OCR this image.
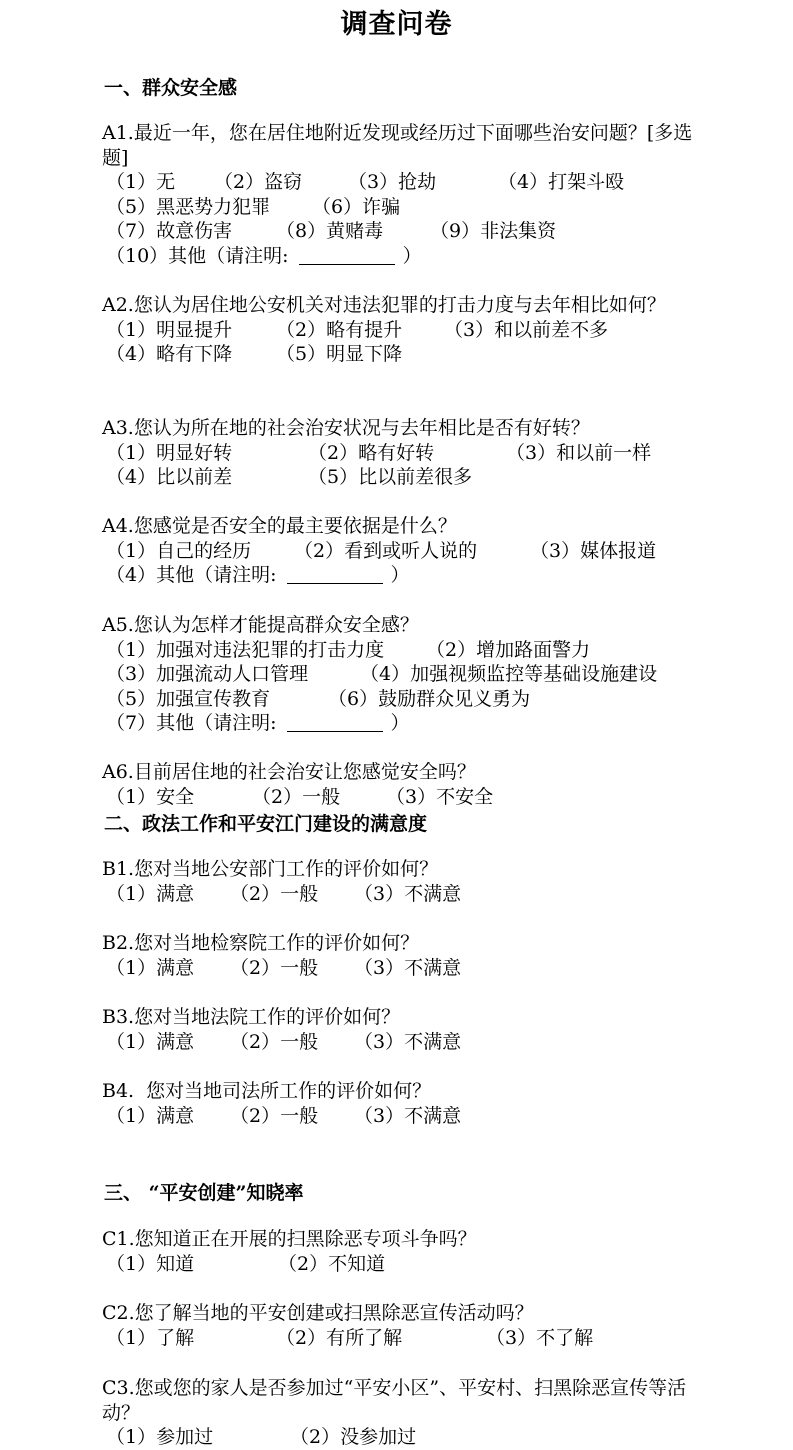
调查问卷
一、群众安全感
A1.最近一年，您在居住地附近发现或经历过下面哪些治安问题？[多选题]
（1）无 （2）盗窃 （3）抢劫	（4）打架斗殴
（5）黑恶势力犯罪 （6）诈骗
（7）故意伤害 （8）黄赌毒 （9）非法集资
（10）其他（请注明:	）
A2.您认为居住地公安机关对违法犯罪的打击力度与去年相比如何？
（1）明显提升 （2）略有提升 （3）和以前差不多
（4）略有下降 （5）明显下降
A3.您认为所在地的社会治安状况与去年相比是否有好转？
（1）明显好转	（2）略有好转	（3）和以前一样
（4）比以前差	（5）比以前差很多
A4.您感觉是否安全的最主要依据是什么？
（1）自己的经历 （2）看到或听人说的	（3）媒体报道
（4）其他（请注明:	）
A5.您认为怎样才能提高群众安全感？
（1）加强对违法犯罪的打击力度 （2）增加路面警力
（3）加强流动人口管理	（4）加强视频监控等基础设施建设
（5）加强宣传教育	（6）鼓励群众见义勇为
（7）其他（请注明:	）
A6.目前居住地的社会治安让您感觉安全吗？
（1）安全	（2）一般 （3）不安全
二、政法工作和平安江门建设的满意度
B1.您对当地公安部门工作的评价如何？
（1）满意 （2）一般 （3）不满意
B2.您对当地检察院工作的评价如何？
（1）满意 （2）一般 （3）不满意
B3.您对当地法院工作的评价如何？
（1）满意 （2）一般 （3）不满意
B4.  您对当地司法所工作的评价如何？
（1）满意 （2）一般 （3）不满意
三、 “平安创建”知晓率
C1.您知道正在开展的扫黑除恶专项斗争吗？
（1）知道	（2）不知道
C2.您了解当地的平安创建或扫黑除恶宣传活动吗？
（1）了解	（2）有所了解	（3）不了解
C3.您或您的家人是否参加过“平安小区”、平安村、扫黑除恶宣传等活动？
（1）参加过	（2）没参加过
